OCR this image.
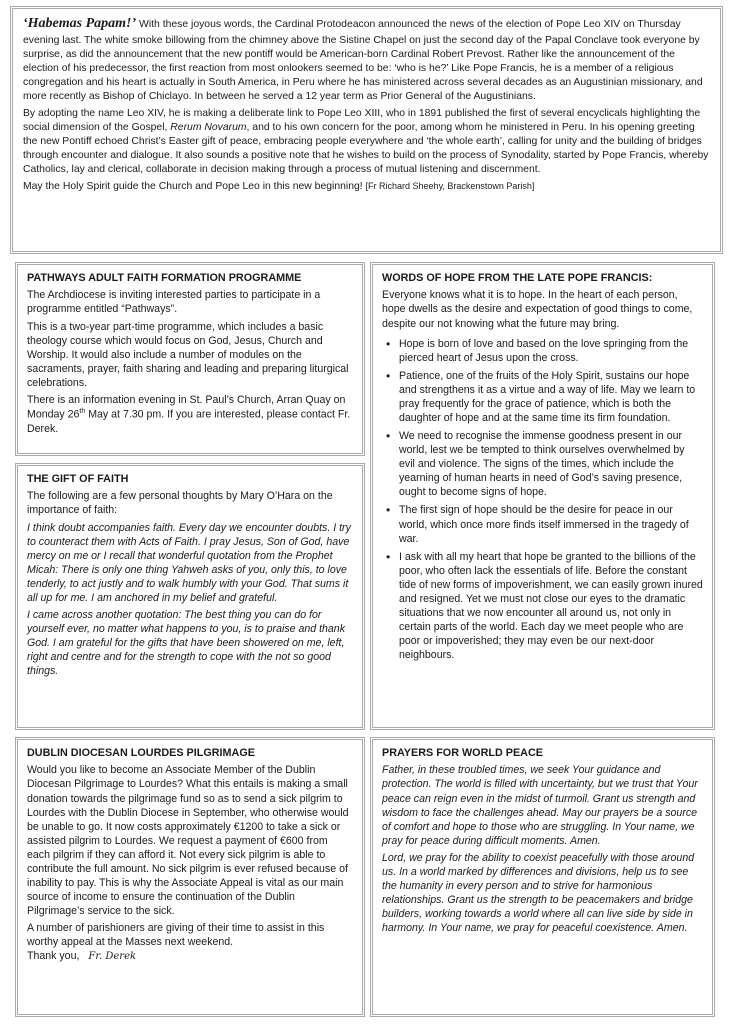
‘Habemas Papam!’ With these joyous words, the Cardinal Protodeacon announced the news of the election of Pope Leo XIV on Thursday evening last. The white smoke billowing from the chimney above the Sistine Chapel on just the second day of the Papal Conclave took everyone by surprise, as did the announcement that the new pontiff would be American-born Cardinal Robert Prevost. Rather like the announcement of the election of his predecessor, the first reaction from most onlookers seemed to be: ‘who is he?’ Like Pope Francis, he is a member of a religious congregation and his heart is actually in South America, in Peru where he has ministered across several decades as an Augustinian missionary, and more recently as Bishop of Chiclayo. In between he served a 12 year term as Prior General of the Augustinians.

By adopting the name Leo XIV, he is making a deliberate link to Pope Leo XIII, who in 1891 published the first of several encyclicals highlighting the social dimension of the Gospel, Rerum Novarum, and to his own concern for the poor, among whom he ministered in Peru. In his opening greeting the new Pontiff echoed Christ’s Easter gift of peace, embracing people everywhere and ‘the whole earth’, calling for unity and the building of bridges through encounter and dialogue. It also sounds a positive note that he wishes to build on the process of Synodality, started by Pope Francis, whereby Catholics, lay and clerical, collaborate in decision making through a process of mutual listening and discernment.

May the Holy Spirit guide the Church and Pope Leo in this new beginning! [Fr Richard Sheehy, Brackenstown Parish]

PATHWAYS ADULT FAITH FORMATION PROGRAMME

The Archdiocese is inviting interested parties to participate in a programme entitled “Pathways”.

This is a two-year part-time programme, which includes a basic theology course which would focus on God, Jesus, Church and Worship. It would also include a number of modules on the sacraments, prayer, faith sharing and leading and preparing liturgical celebrations.

There is an information evening in St. Paul’s Church, Arran Quay on Monday 26th May at 7.30 pm. If you are interested, please contact Fr. Derek.

WORDS OF HOPE FROM THE LATE POPE FRANCIS:

Everyone knows what it is to hope. In the heart of each person, hope dwells as the desire and expectation of good things to come, despite our not knowing what the future may bring.

• Hope is born of love and based on the love springing from the pierced heart of Jesus upon the cross.
• Patience, one of the fruits of the Holy Spirit, sustains our hope and strengthens it as a virtue and a way of life. May we learn to pray frequently for the grace of patience, which is both the daughter of hope and at the same time its firm foundation.
• We need to recognise the immense goodness present in our world, lest we be tempted to think ourselves overwhelmed by evil and violence. The signs of the times, which include the yearning of human hearts in need of God’s saving presence, ought to become signs of hope.
• The first sign of hope should be the desire for peace in our world, which once more finds itself immersed in the tragedy of war.
• I ask with all my heart that hope be granted to the billions of the poor, who often lack the essentials of life. Before the constant tide of new forms of impoverishment, we can easily grown inured and resigned. Yet we must not close our eyes to the dramatic situations that we now encounter all around us, not only in certain parts of the world. Each day we meet people who are poor or impoverished; they may even be our next-door neighbours.
THE GIFT OF FAITH

The following are a few personal thoughts by Mary O’Hara on the importance of faith:

I think doubt accompanies faith. Every day we encounter doubts. I try to counteract them with Acts of Faith. I pray Jesus, Son of God, have mercy on me or I recall that wonderful quotation from the Prophet Micah: There is only one thing Yahweh asks of you, only this, to love tenderly, to act justly and to walk humbly with your God. That sums it all up for me. I am anchored in my belief and grateful.

I came across another quotation: The best thing you can do for yourself ever, no matter what happens to you, is to praise and thank God. I am grateful for the gifts that have been showered on me, left, right and centre and for the strength to cope with the not so good things.

DUBLIN DIOCESAN LOURDES PILGRIMAGE

Would you like to become an Associate Member of the Dublin Diocesan Pilgrimage to Lourdes? What this entails is making a small donation towards the pilgrimage fund so as to send a sick pilgrim to Lourdes with the Dublin Diocese in September, who otherwise would be unable to go. It now costs approximately €1200 to take a sick or assisted pilgrim to Lourdes. We request a payment of €600 from each pilgrim if they can afford it. Not every sick pilgrim is able to contribute the full amount. No sick pilgrim is ever refused because of inability to pay. This is why the Associate Appeal is vital as our main source of income to ensure the continuation of the Dublin Pilgrimage’s service to the sick.

A number of parishioners are giving of their time to assist in this worthy appeal at the Masses next weekend.

Thank you, Fr. Derek

PRAYERS FOR WORLD PEACE

Father, in these troubled times, we seek Your guidance and protection. The world is filled with uncertainty, but we trust that Your peace can reign even in the midst of turmoil. Grant us strength and wisdom to face the challenges ahead. May our prayers be a source of comfort and hope to those who are struggling. In Your name, we pray for peace during difficult moments. Amen.

Lord, we pray for the ability to coexist peacefully with those around us. In a world marked by differences and divisions, help us to see the humanity in every person and to strive for harmonious relationships. Grant us the strength to be peacemakers and bridge builders, working towards a world where all can live side by side in harmony. In Your name, we pray for peaceful coexistence. Amen.
